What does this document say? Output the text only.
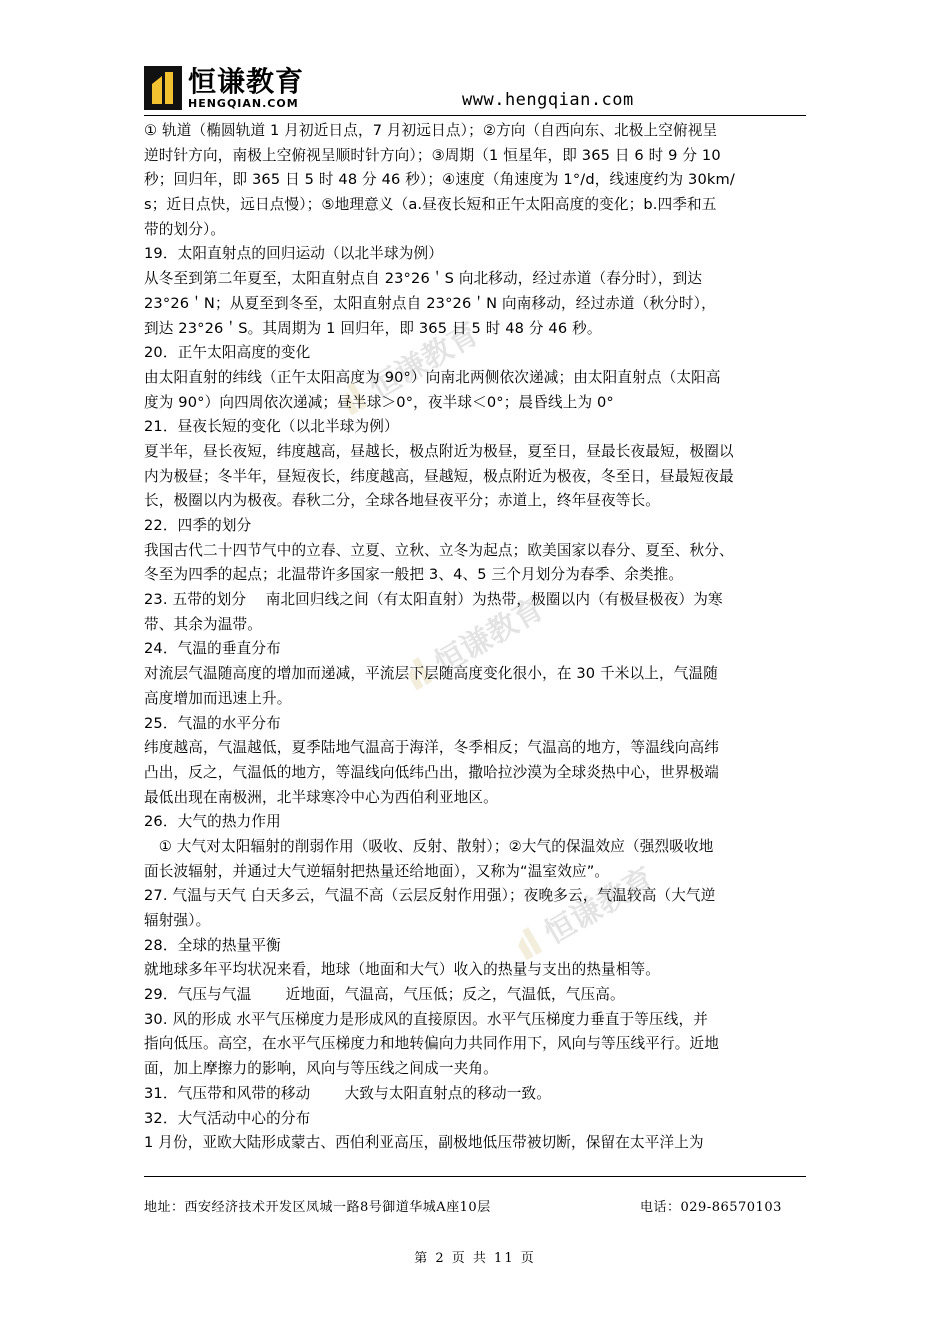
恒谦教育
HENGQIAN.COM	www.hengqian.com
恒谦教育
恒谦教育
恒谦教育
① 轨道（椭圆轨道 1 月初近日点，7 月初远日点）；②方向（自西向东、北极上空俯视呈
逆时针方向，南极上空俯视呈顺时针方向）；③周期（1 恒星年，即 365 日 6 时 9 分 10
秒；回归年，即 365 日 5 时 48 分 46 秒）；④速度（角速度为 1°/d，线速度约为 30km/
s；近日点快，远日点慢）；⑤地理意义（a.昼夜长短和正午太阳高度的变化；b.四季和五
带的划分）。
19．太阳直射点的回归运动（以北半球为例）
从冬至到第二年夏至，太阳直射点自 23°26＇S 向北移动，经过赤道（春分时），到达
23°26＇N；从夏至到冬至，太阳直射点自 23°26＇N 向南移动，经过赤道（秋分时），
到达 23°26＇S。其周期为 1 回归年，即 365 日 5 时 48 分 46 秒。
20．正午太阳高度的变化
由太阳直射的纬线（正午太阳高度为 90°）向南北两侧依次递减；由太阳直射点（太阳高
度为 90°）向四周依次递减；昼半球＞0°，夜半球＜0°；晨昏线上为 0°
21．昼夜长短的变化（以北半球为例）
夏半年，昼长夜短，纬度越高，昼越长，极点附近为极昼，夏至日，昼最长夜最短，极圈以
内为极昼；冬半年，昼短夜长，纬度越高，昼越短，极点附近为极夜，冬至日，昼最短夜最
长，极圈以内为极夜。春秋二分，全球各地昼夜平分；赤道上，终年昼夜等长。
22．四季的划分
我国古代二十四节气中的立春、立夏、立秋、立冬为起点；欧美国家以春分、夏至、秋分、
冬至为四季的起点；北温带许多国家一般把 3、4、5 三个月划分为春季、余类推。
23. 五带的划分　 南北回归线之间（有太阳直射）为热带，极圈以内（有极昼极夜）为寒
带、其余为温带。
24．气温的垂直分布
对流层气温随高度的增加而递减，平流层下层随高度变化很小，在 30 千米以上，气温随
高度增加而迅速上升。
25．气温的水平分布
纬度越高，气温越低，夏季陆地气温高于海洋，冬季相反；气温高的地方，等温线向高纬
凸出，反之，气温低的地方，等温线向低纬凸出，撒哈拉沙漠为全球炎热中心，世界极端
最低出现在南极洲，北半球寒冷中心为西伯利亚地区。
26．大气的热力作用
　① 大气对太阳辐射的削弱作用（吸收、反射、散射）；②大气的保温效应（强烈吸收地
面长波辐射，并通过大气逆辐射把热量还给地面），又称为“温室效应”。
27. 气温与天气 白天多云，气温不高（云层反射作用强）；夜晚多云，气温较高（大气逆
辐射强）。
28．全球的热量平衡
就地球多年平均状况来看，地球（地面和大气）收入的热量与支出的热量相等。
29．气压与气温　　 近地面，气温高，气压低；反之，气温低，气压高。
30. 风的形成 水平气压梯度力是形成风的直接原因。水平气压梯度力垂直于等压线，并
指向低压。高空，在水平气压梯度力和地转偏向力共同作用下，风向与等压线平行。近地
面，加上摩擦力的影响，风向与等压线之间成一夹角。
31．气压带和风带的移动　　 大致与太阳直射点的移动一致。
32．大气活动中心的分布
1 月份，亚欧大陆形成蒙古、西伯利亚高压，副极地低压带被切断，保留在太平洋上为
地址：西安经济技术开发区凤城一路8号御道华城A座10层	电话：029-86570103
第 2 页 共 11 页
